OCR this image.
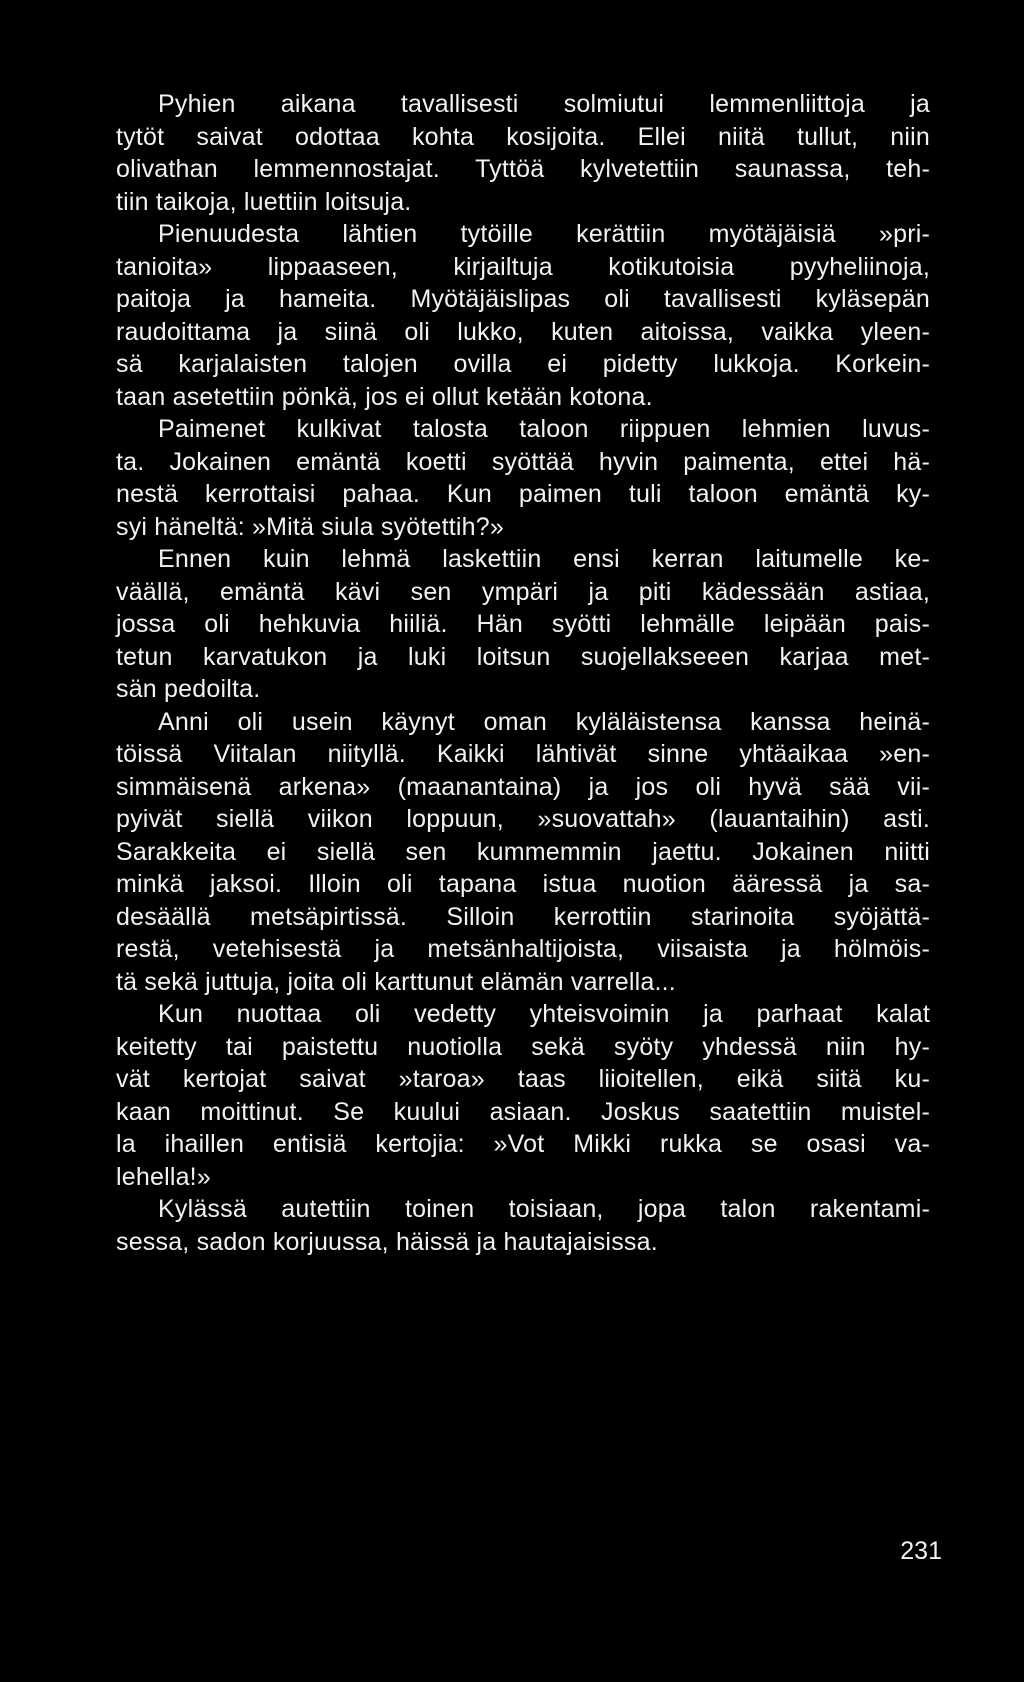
Pyhien aikana tavallisesti solmiutui lemmenliittoja ja
tytöt saivat odottaa kohta kosijoita. Ellei niitä tullut, niin
olivathan lemmennostajat. Tyttöä kylvetettiin saunassa, teh-
tiin taikoja, luettiin loitsuja.
Pienuudesta lähtien tytöille kerättiin myötäjäisiä »pri-
tanioita» lippaaseen, kirjailtuja kotikutoisia pyyheliinoja,
paitoja ja hameita. Myötäjäislipas oli tavallisesti kyläsepän
raudoittama ja siinä oli lukko, kuten aitoissa, vaikka yleen-
sä karjalaisten talojen ovilla ei pidetty lukkoja. Korkein-
taan asetettiin pönkä, jos ei ollut ketään kotona.
Paimenet kulkivat talosta taloon riippuen lehmien luvus-
ta. Jokainen emäntä koetti syöttää hyvin paimenta, ettei hä-
nestä kerrottaisi pahaa. Kun paimen tuli taloon emäntä ky-
syi häneltä: »Mitä siula syötettih?»
Ennen kuin lehmä laskettiin ensi kerran laitumelle ke-
väällä, emäntä kävi sen ympäri ja piti kädessään astiaa,
jossa oli hehkuvia hiiliä. Hän syötti lehmälle leipään pais-
tetun karvatukon ja luki loitsun suojellakseeen karjaa met-
sän pedoilta.
Anni oli usein käynyt oman kyläläistensa kanssa heinä-
töissä Viitalan niityllä. Kaikki lähtivät sinne yhtäaikaa »en-
simmäisenä arkena» (maanantaina) ja jos oli hyvä sää vii-
pyivät siellä viikon loppuun, »suovattah» (lauantaihin) asti.
Sarakkeita ei siellä sen kummemmin jaettu. Jokainen niitti
minkä jaksoi. Illoin oli tapana istua nuotion ääressä ja sa-
desäällä metsäpirtissä. Silloin kerrottiin starinoita syöjättä-
restä, vetehisestä ja metsänhaltijoista, viisaista ja hölmöis-
tä sekä juttuja, joita oli karttunut elämän varrella...
Kun nuottaa oli vedetty yhteisvoimin ja parhaat kalat
keitetty tai paistettu nuotiolla sekä syöty yhdessä niin hy-
vät kertojat saivat »taroa» taas liioitellen, eikä siitä ku-
kaan moittinut. Se kuului asiaan. Joskus saatettiin muistel-
la ihaillen entisiä kertojia: »Vot Mikki rukka se osasi va-
lehella!»
Kylässä autettiin toinen toisiaan, jopa talon rakentami-
sessa, sadon korjuussa, häissä ja hautajaisissa.
231
